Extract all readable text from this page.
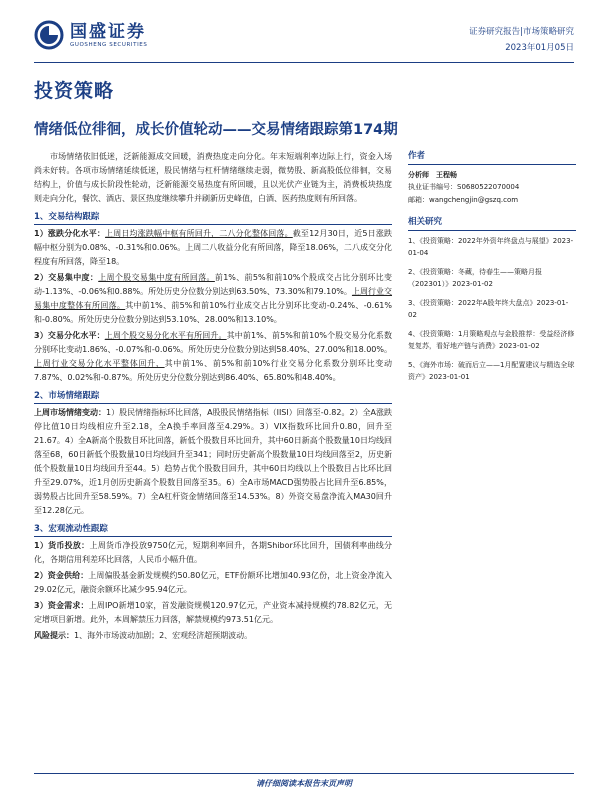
国盛证券
GUOSHENG SECURITIES
证券研究报告|市场策略研究
2023年01月05日
投资策略
情绪低位徘徊，成长价值轮动——交易情绪跟踪第174期

市场情绪依旧低迷，泛新能源成交回暖，消费热度走向分化。年末短端利率边际上行，资金入场尚未好转。各项市场情绪延续低迷，股民情绪与杠杆情绪继续走弱，微势股、新高股低位徘徊，交易结构上，价值与成长阶段性轮动，泛新能源交易热度有所回暖，且以光伏产业链为主，消费板块热度则走向分化，餐饮、酒店、景区热度继续攀升并刷新历史峰值，白酒、医药热度则有所回落。

1、交易结构跟踪

1）涨跌分化水平：上周日均涨跌幅中枢有所回升，二八分化整体回落。截至12月30日，近5日涨跌幅中枢分别为0.08%、-0.31%和0.06%。上周二八收益分化有所回落，降至18.06%，二八成交分化程度有所回落，降至18。

2）交易集中度：上周个股交易集中度有所回落。前1%、前5%和前10%个股成交占比分别环比变动-1.13%、-0.06%和0.88%。所处历史分位数分别达到63.50%、73.30%和79.10%。上周行业交易集中度整体有所回落。其中前1%、前5%和前10%行业成交占比分别环比变动-0.24%、-0.61%和-0.80%。所处历史分位数分别达到53.10%、28.00%和13.10%。

3）交易分化水平：上周个股交易分化水平有所回升。其中前1%、前5%和前10%个股交易分化系数分别环比变动1.86%、-0.07%和-0.06%。所处历史分位数分别达到58.40%、27.00%和18.00%。上周行业交易分化水平整体回升，其中前1%、前5%和前10%行业交易分化系数分别环比变动7.87%、0.02%和-0.87%。所处历史分位数分别达到86.40%、65.80%和48.40%。

2、市场情绪跟踪

上周市场情绪变动：1）股民情绪指标环比回落，A股股民情绪指标（IISI）回落至-0.82。2）全A涨跌停比值10日均线相应升至2.18，全A换手率回落至4.29%。3）VIX指数环比回升0.80，回升至21.67。4）全A新高个股数目环比回落，新低个股数目环比回升，其中60日新高个股数量10日均线回落至68，60日新低个股数量10日均线回升至341；同时历史新高个股数量10日均线回落至2，历史新低个股数量10日均线回升至44。5）趋势占优个股数目回升，其中60日均线以上个股数目占比环比回升至29.07%，近1月创历史新高个股数目回落至35。6）全A市场MACD强势股占比回升至6.85%，弱势股占比回升至58.59%。7）全A杠杆资金情绪回落至14.53%。8）外资交易盘净流入MA30回升至12.28亿元。

3、宏观流动性跟踪

1）货币投放：上周货币净投放9750亿元，短期利率回升，各期Shibor环比回升，国债利率曲线分化，各期信用利差环比回落，人民币小幅升值。

2）资金供给：上周偏股基金新发规模约50.80亿元，ETF份额环比增加40.93亿份，北上资金净流入29.02亿元，融资余额环比减少95.94亿元。

3）资金需求：上周IPO新增10家，首发融资规模120.97亿元，产业资本减持规模约78.82亿元，无定增项目新增。此外，本周解禁压力回落，解禁规模约973.51亿元。

风险提示：1、海外市场波动加剧；2、宏观经济超预期波动。

作者
分析师　王程畅
执业证书编号：S0680522070004
邮箱：wangchengjin@gszq.com
相关研究
1、《投资策略：2022年外资年终盘点与展望》2023-01-04
2、《投资策略：冬藏，待春生——策略月报（202301）》2023-01-02
3、《投资策略：2022年A股年终大盘点》2023-01-02
4、《投资策略：1月策略观点与金股推荐：受益经济修复复苏，看好地产链与消费》2023-01-02
5、《海外市场：破而后立——1月配置建议与精选全球资产》2023-01-01
请仔细阅读本报告末页声明
